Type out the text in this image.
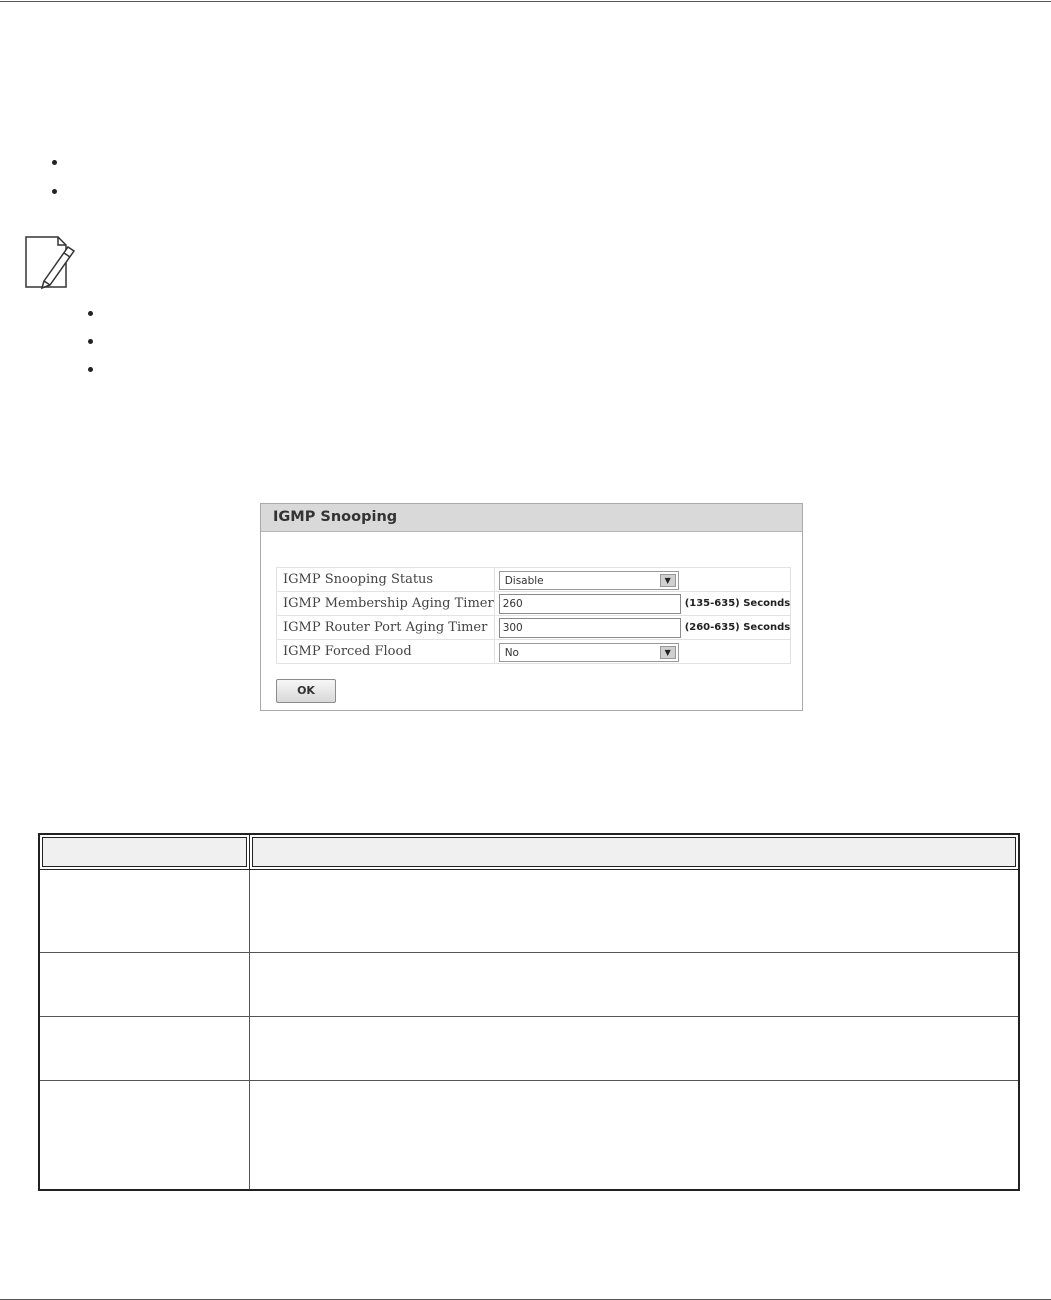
IGMP Snooping
IGMP Snooping Status	Disable ▼

IGMP Membership Aging Timer	260 (135-635) Seconds
IGMP Router Port Aging Timer	300 (260-635) Seconds
IGMP Forced Flood	No ▼
OK
